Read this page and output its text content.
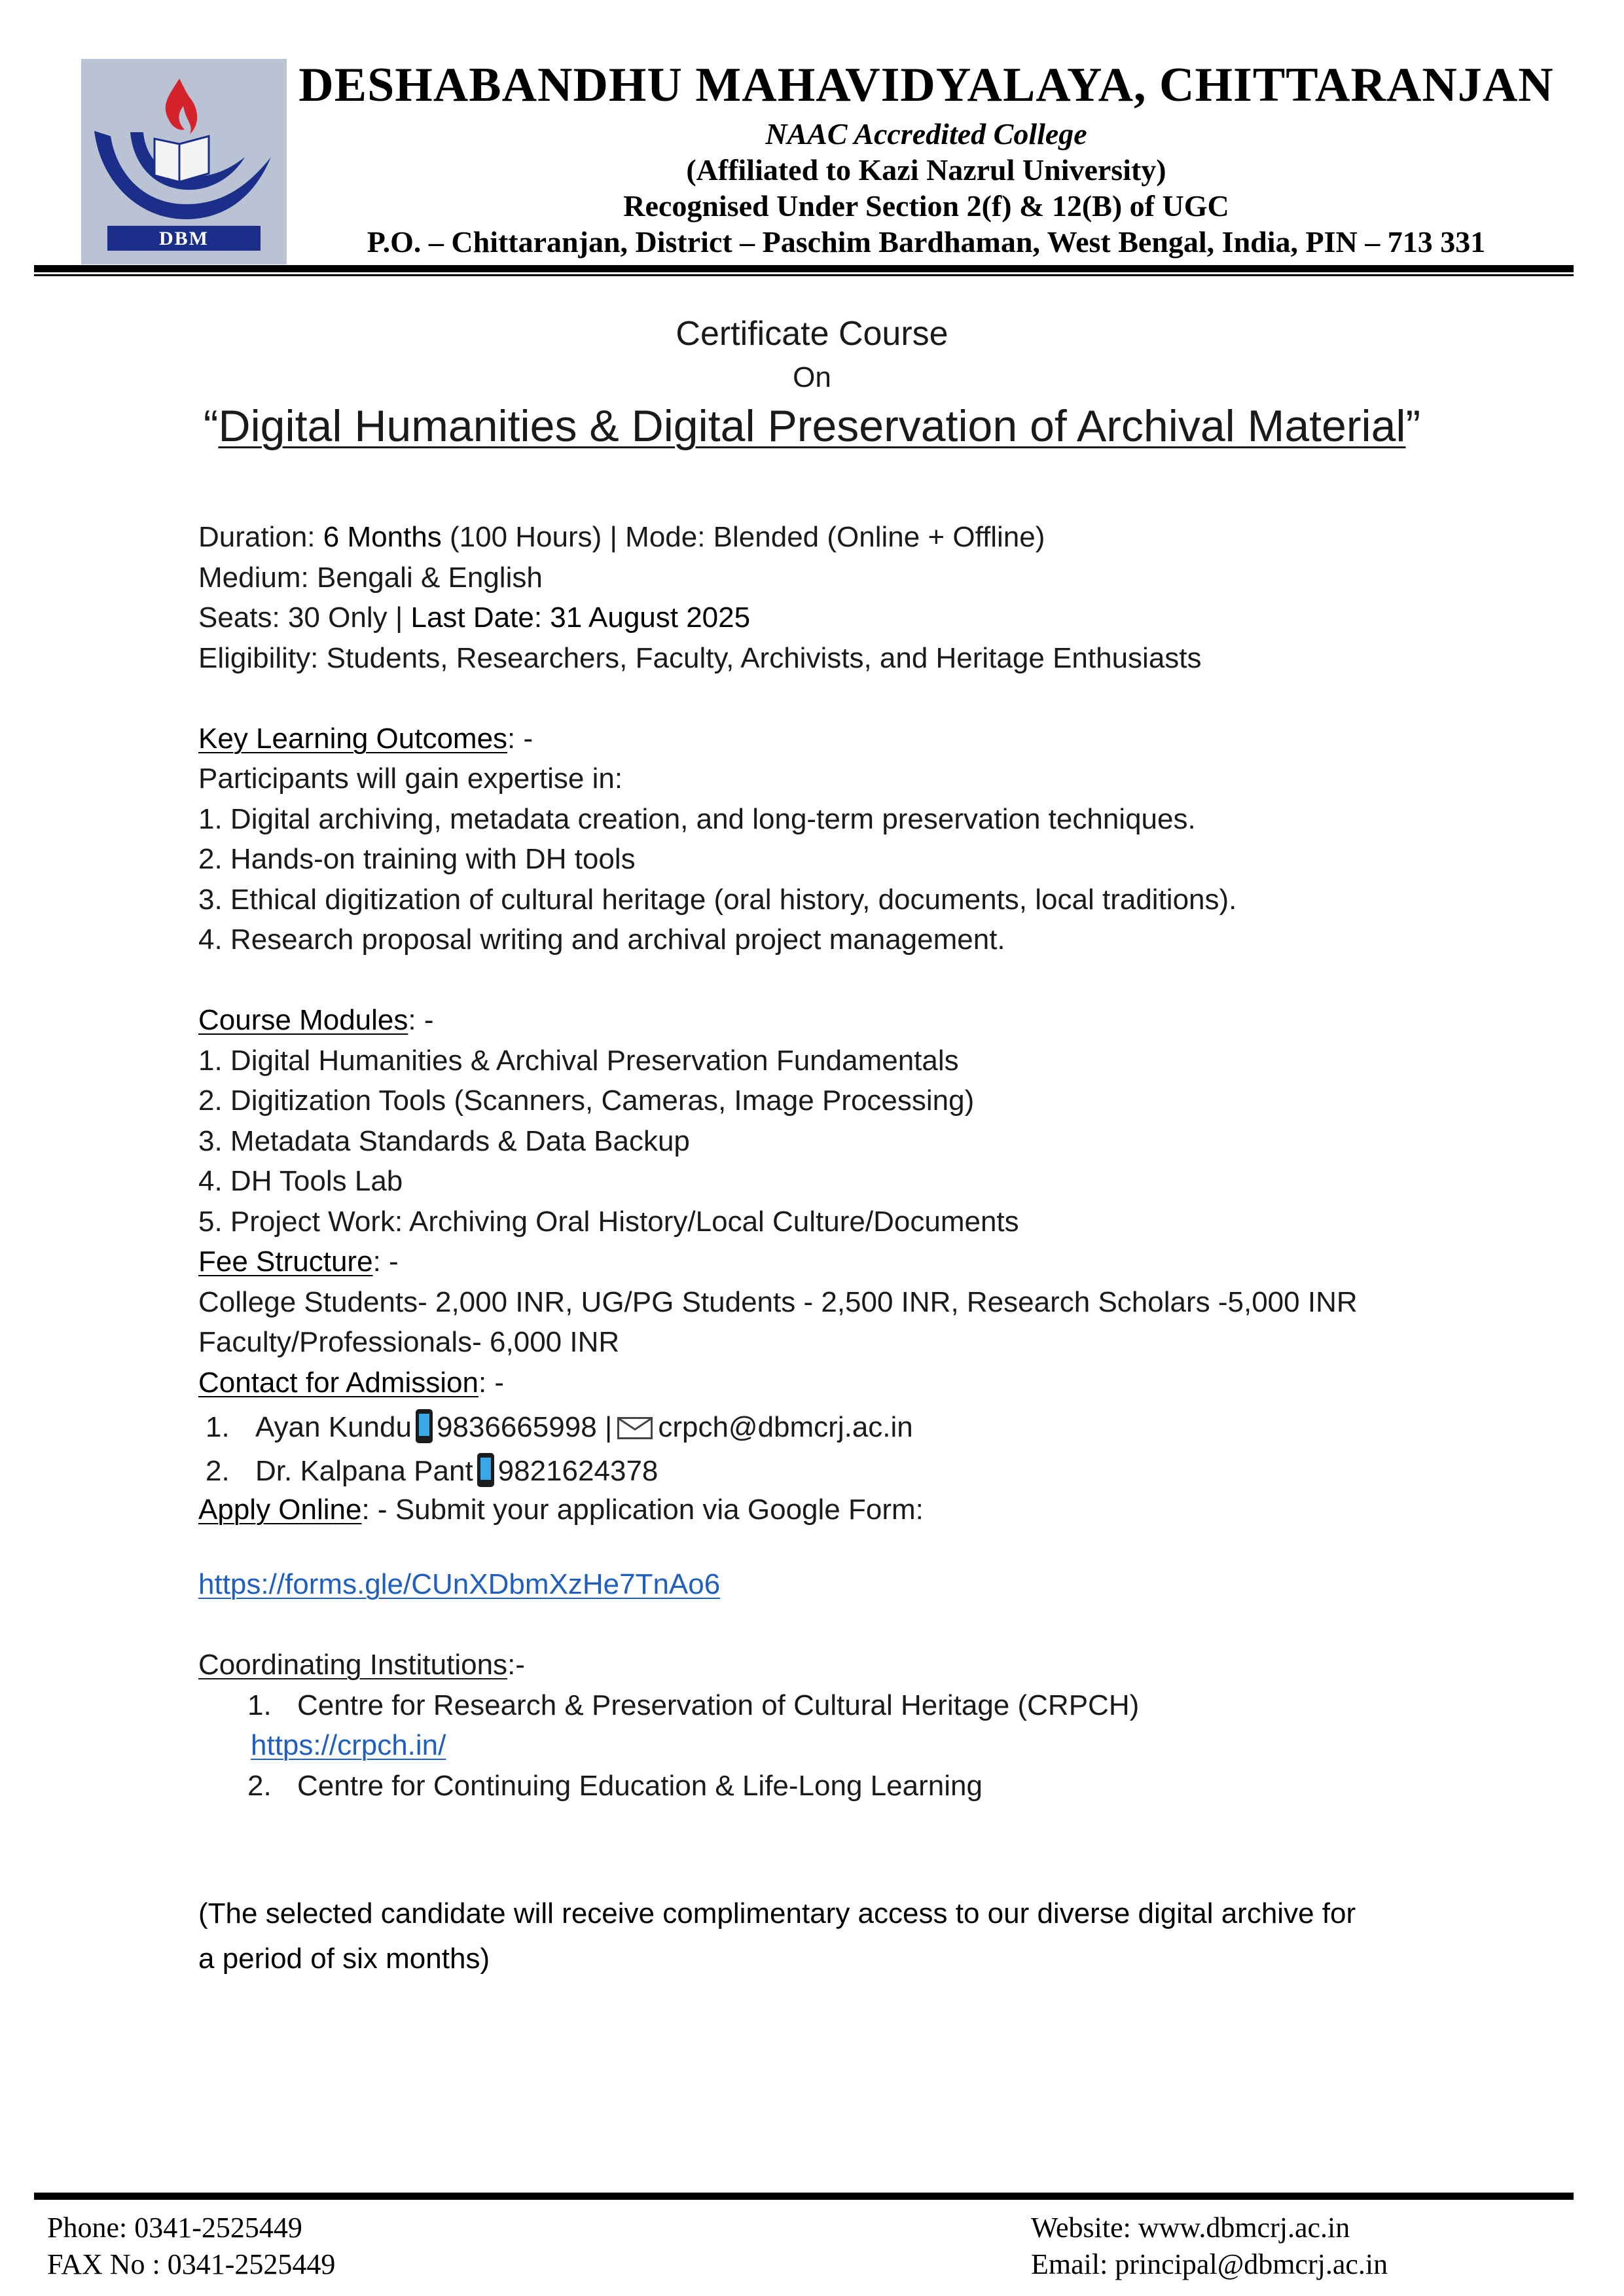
DBM
DESHABANDHU MAHAVIDYALAYA, CHITTARANJAN
NAAC Accredited College
(Affiliated to Kazi Nazrul University)
Recognised Under Section 2(f) & 12(B) of UGC
P.O. – Chittaranjan, District – Paschim Bardhaman, West Bengal, India, PIN – 713 331
Certificate Course
On
“Digital Humanities & Digital Preservation of Archival Material”
Duration: 6 Months (100 Hours) | Mode: Blended (Online + Offline)
Medium: Bengali & English
Seats: 30 Only | Last Date: 31 August 2025
Eligibility: Students, Researchers, Faculty, Archivists, and Heritage Enthusiasts
Key Learning Outcomes: -
Participants will gain expertise in:
1. Digital archiving, metadata creation, and long-term preservation techniques.
2. Hands-on training with DH tools
3. Ethical digitization of cultural heritage (oral history, documents, local traditions).
4. Research proposal writing and archival project management.
Course Modules: -
1. Digital Humanities & Archival Preservation Fundamentals
2. Digitization Tools (Scanners, Cameras, Image Processing)
3. Metadata Standards & Data Backup
4. DH Tools Lab
5. Project Work: Archiving Oral History/Local Culture/Documents
Fee Structure: -
College Students- 2,000 INR, UG/PG Students - 2,500 INR, Research Scholars -5,000 INR
Faculty/Professionals- 6,000 INR
Contact for Admission: -
1. Ayan Kundu 9836665998 | crpch@dbmcrj.ac.in
2. Dr. Kalpana Pant 9821624378
Apply Online: - Submit your application via Google Form:
https://forms.gle/CUnXDbmXzHe7TnAo6
Coordinating Institutions:-
1. Centre for Research & Preservation of Cultural Heritage (CRPCH)
https://crpch.in/
2. Centre for Continuing Education & Life-Long Learning
(The selected candidate will receive complimentary access to our diverse digital archive for
a period of six months)
Phone: 0341-2525449
FAX No : 0341-2525449
Website: www.dbmcrj.ac.in
Email: principal@dbmcrj.ac.in
